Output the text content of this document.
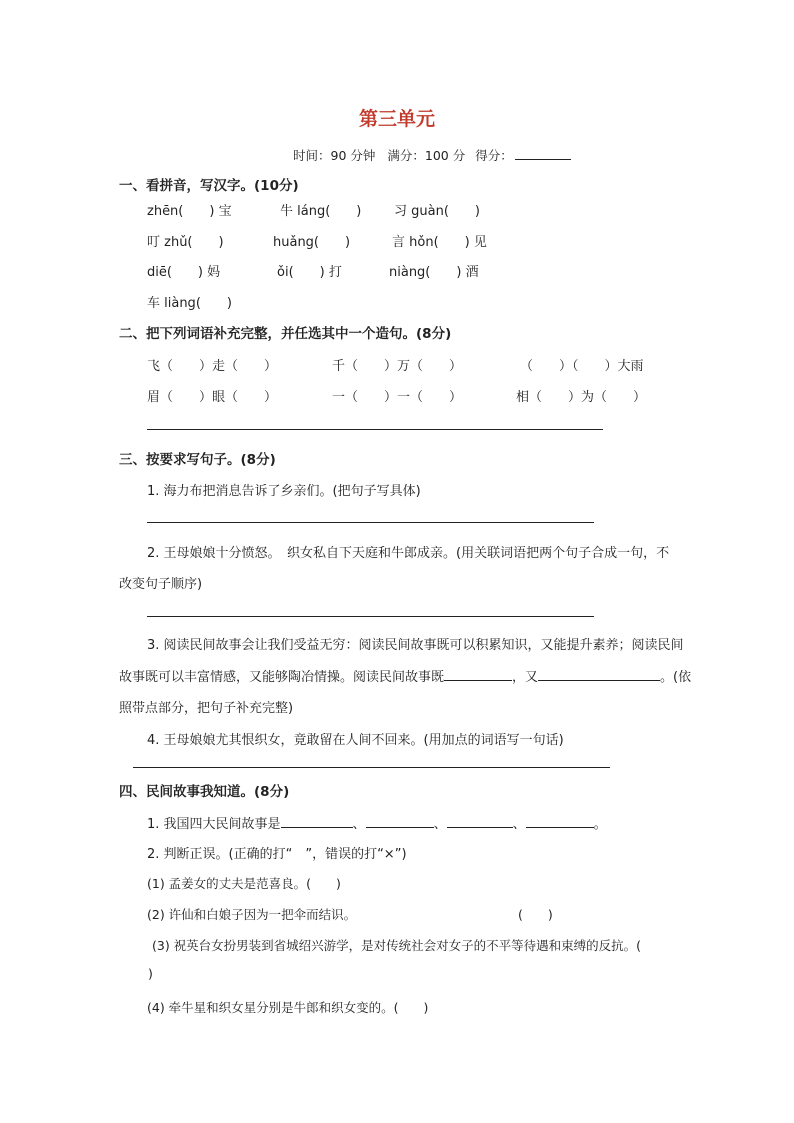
第三单元
时间：90 分钟 满分：100 分 得分：
一、看拼音，写汉字。(10分)
zhēn(　　) 宝	牛 láng(　　)	习 guàn(　　)
叮 zhǔ(　　)	huǎng(　　)	言 hǒn(　　) 见
diē(　　) 妈	ǒi(　　) 打	niàng(　　) 酒
车 liàng(　　)
二、把下列词语补充完整，并任选其中一个造句。(8分)
飞（　　）走（　　）	千（　　）万（　　）	（　　）（　　）大雨
眉（　　）眼（　　）	一（　　）一（　　）	相（　　）为（　　）
三、按要求写句子。(8分)
1. 海力布把消息告诉了乡亲们。(把句子写具体)
2. 王母娘娘十分愤怒。　织女私自下天庭和牛郎成亲。(用关联词语把两个句子合成一句，不
改变句子顺序)
3. 阅读民间故事会让我们受益无穷：阅读民间故事既可以积累知识，又能提升素养；阅读民间
故事既可以丰富情感，又能够陶冶情操。阅读民间故事既	，又	。(依
照带点部分，把句子补充完整)
4. 王母娘娘尤其恨织女，竟敢留在人间不回来。(用加点的词语写一句话)
四、民间故事我知道。(8分)
1. 我国四大民间故事是	、	、	、	。
2. 判断正误。(正确的打“　”，错误的打“×”)
(1) 孟姜女的丈夫是范喜良。(　　)
(2) 许仙和白娘子因为一把伞而结识。	(　　)
(3) 祝英台女扮男装到省城绍兴游学，是对传统社会对女子的不平等待遇和束缚的反抗。(
)
(4) 牵牛星和织女星分别是牛郎和织女变的。(　　)
